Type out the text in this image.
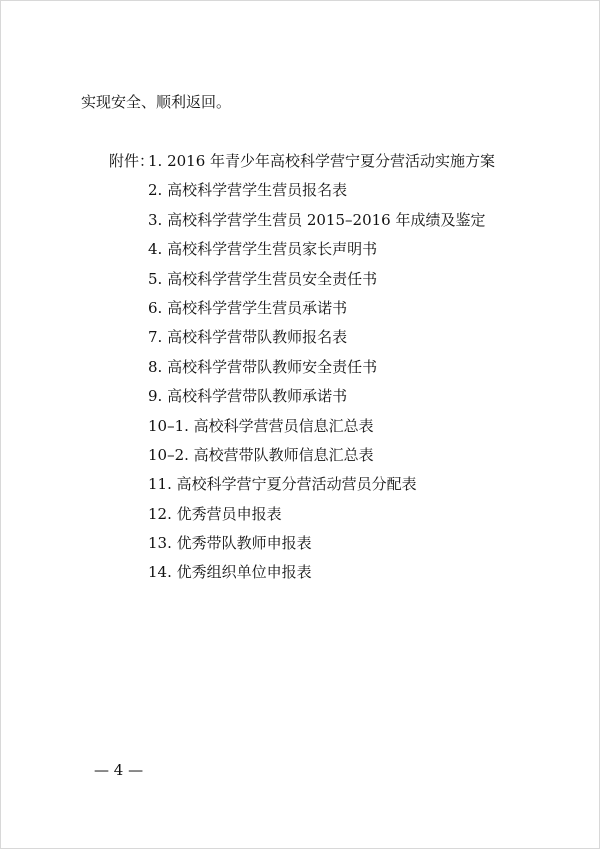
实现安全、顺利返回。
附件：
1. 2016 年青少年高校科学营宁夏分营活动实施方案
2. 高校科学营学生营员报名表
3. 高校科学营学生营员 2015–2016 年成绩及鉴定
4. 高校科学营学生营员家长声明书
5. 高校科学营学生营员安全责任书
6. 高校科学营学生营员承诺书
7. 高校科学营带队教师报名表
8. 高校科学营带队教师安全责任书
9. 高校科学营带队教师承诺书
10–1. 高校科学营营员信息汇总表
10–2. 高校营带队教师信息汇总表
11. 高校科学营宁夏分营活动营员分配表
12. 优秀营员申报表
13. 优秀带队教师申报表
14. 优秀组织单位申报表
— 4 —
